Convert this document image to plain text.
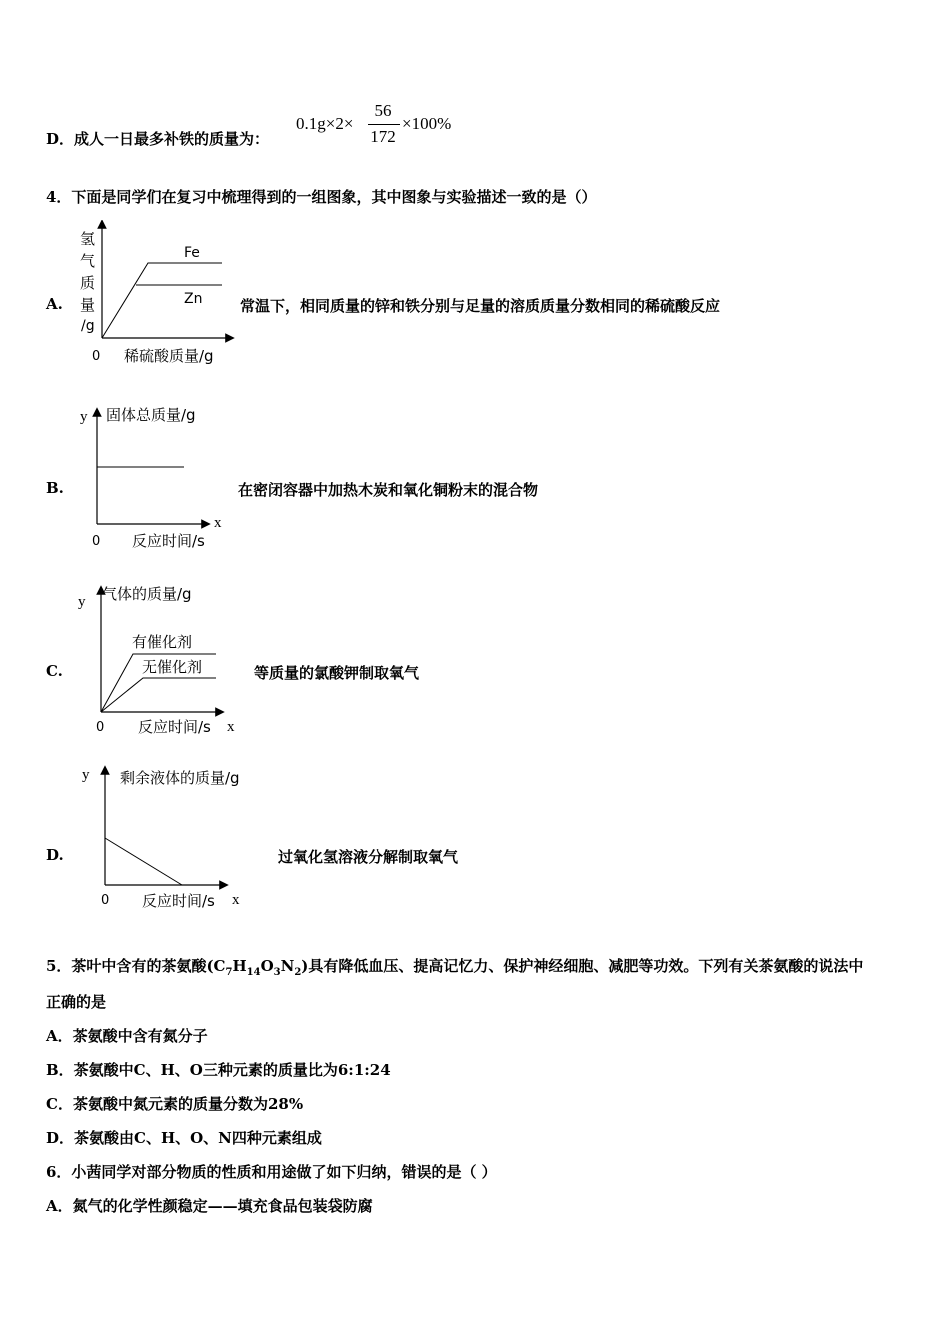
D．成人一日最多补铁的质量为：
0.1g×2×
56
172
×100%
4．下面是同学们在复习中梳理得到的一组图象，其中图象与实验描述一致的是（）
A.
氢
气
质
量
/g
Fe
Zn
0 稀硫酸质量/g
常温下，相同质量的锌和铁分别与足量的溶质质量分数相同的稀硫酸反应
B.
y 固体总质量/g
x
0 反应时间/s
在密闭容器中加热木炭和氧化铜粉末的混合物
C.
y 气体的质量/g
有催化剂
无催化剂
x
0 反应时间/s
等质量的氯酸钾制取氧气
D.
y 剩余液体的质量/g
x
0 反应时间/s
过氧化氢溶液分解制取氧气
5．茶叶中含有的茶氨酸$(C_7H_{14}O_3N_2)$具有降低血压、提高记忆力、保护神经细胞、减肥等功效。下列有关茶氨酸的说法中
正确的是
A．茶氨酸中含有氮分子
B．茶氨酸中C、H、O三种元素的质量比为6:1:24
C．茶氨酸中氮元素的质量分数为28%
D．茶氨酸由C、H、O、N四种元素组成
6．小茜同学对部分物质的性质和用途做了如下归纳，错误的是（ ）
A．氮气的化学性颜稳定——填充食品包装袋防腐
